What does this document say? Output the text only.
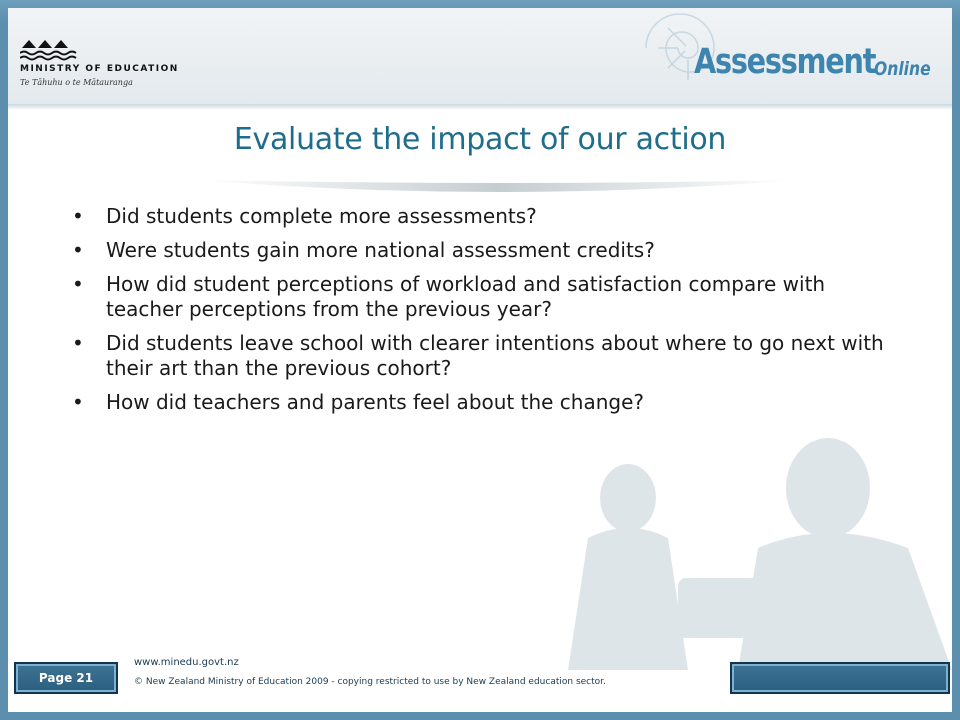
MINISTRY OF EDUCATION
Te Tāhuhu o te Mātauranga
Assessment
Online
Evaluate the impact of our action
• Did students complete more assessments?
• Were students gain more national assessment credits?
• How did student perceptions of workload and satisfaction compare with teacher perceptions from the previous year?
• Did students leave school with clearer intentions about where to go next with their art than the previous cohort?
• How did teachers and parents feel about the change?
Page 21
www.minedu.govt.nz
© New Zealand Ministry of Education 2009 - copying restricted to use by New Zealand education sector.
